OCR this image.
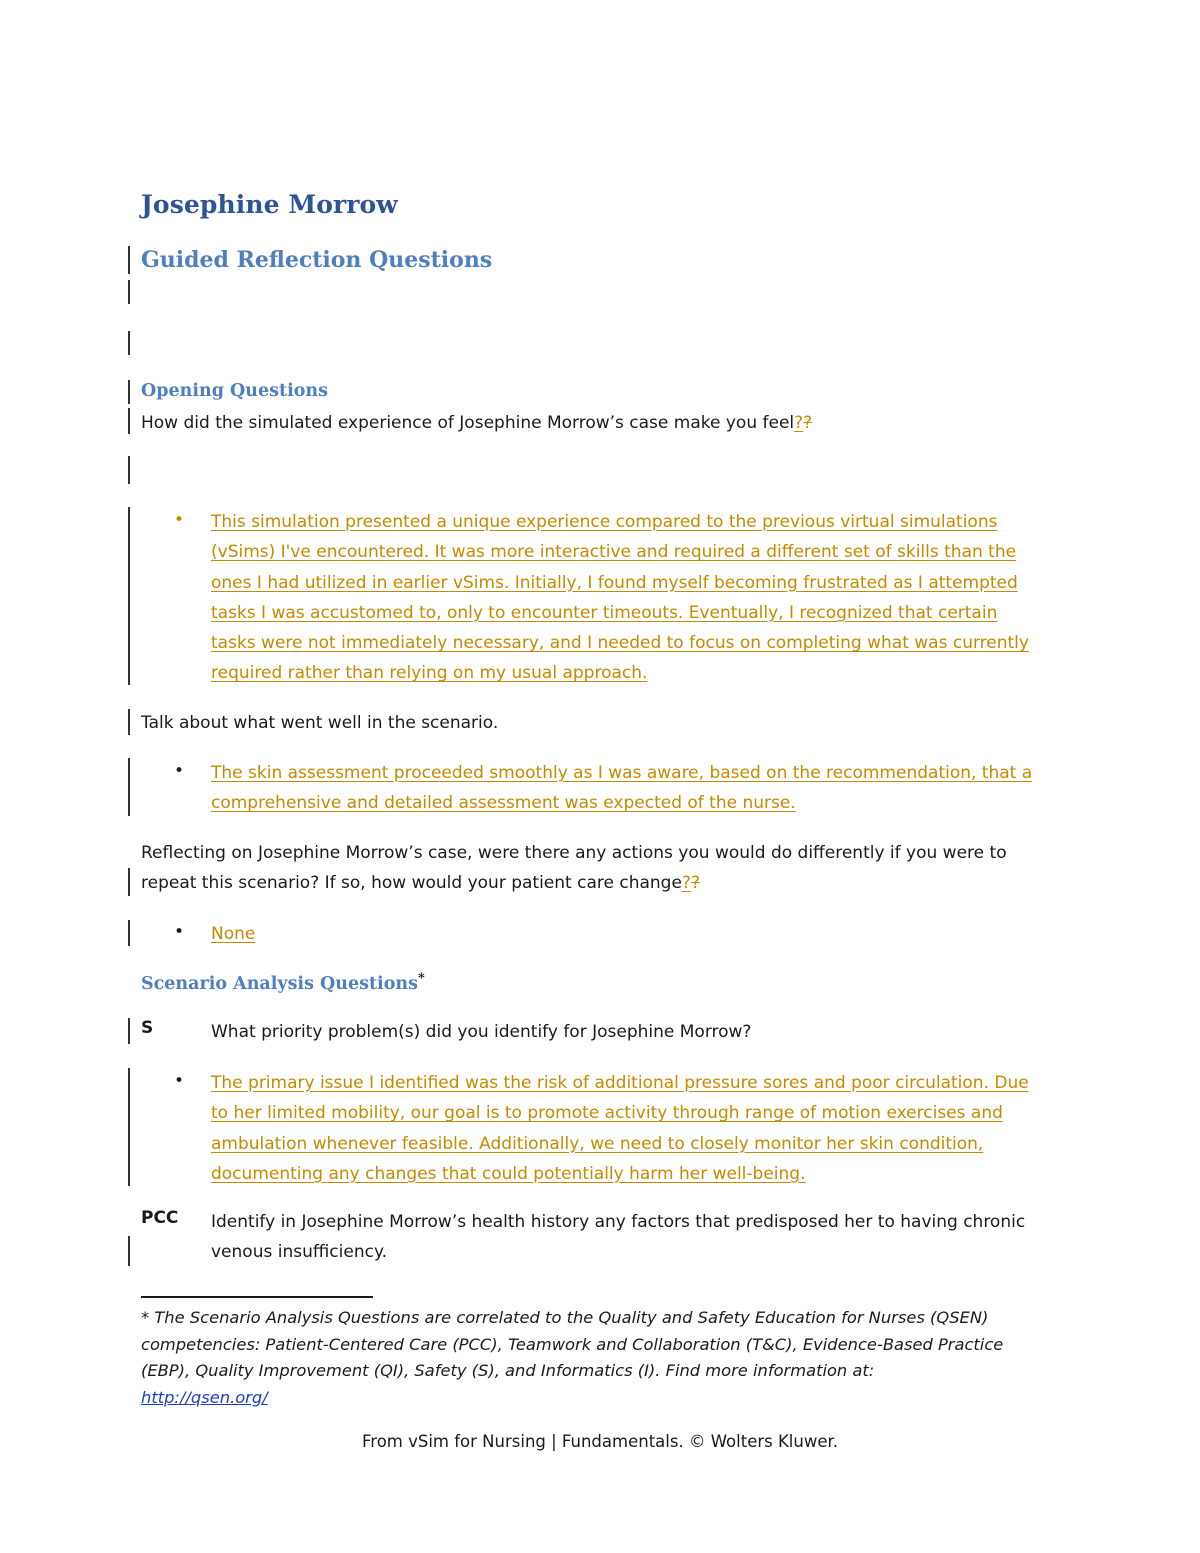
Josephine Morrow
Guided Reflection Questions
Opening Questions
How did the simulated experience of Josephine Morrow’s case make you feel??
• This simulation presented a unique experience compared to the previous virtual simulations
(vSims) I've encountered. It was more interactive and required a different set of skills than the
ones I had utilized in earlier vSims. Initially, I found myself becoming frustrated as I attempted
tasks I was accustomed to, only to encounter timeouts. Eventually, I recognized that certain
tasks were not immediately necessary, and I needed to focus on completing what was currently
required rather than relying on my usual approach.
Talk about what went well in the scenario.
• The skin assessment proceeded smoothly as I was aware, based on the recommendation, that a
comprehensive and detailed assessment was expected of the nurse.
Reflecting on Josephine Morrow’s case, were there any actions you would do differently if you were to
repeat this scenario? If so, how would your patient care change??
• None
Scenario Analysis Questions*
S	What priority problem(s) did you identify for Josephine Morrow?
• The primary issue I identified was the risk of additional pressure sores and poor circulation. Due
to her limited mobility, our goal is to promote activity through range of motion exercises and
ambulation whenever feasible. Additionally, we need to closely monitor her skin condition,
documenting any changes that could potentially harm her well-being.
PCC Identify in Josephine Morrow’s health history any factors that predisposed her to having chronic
venous insufficiency.
* The Scenario Analysis Questions are correlated to the Quality and Safety Education for Nurses (QSEN)
competencies: Patient-Centered Care (PCC), Teamwork and Collaboration (T&C), Evidence-Based Practice
(EBP), Quality Improvement (QI), Safety (S), and Informatics (I). Find more information at:
http://qsen.org/
From vSim for Nursing | Fundamentals. © Wolters Kluwer.
